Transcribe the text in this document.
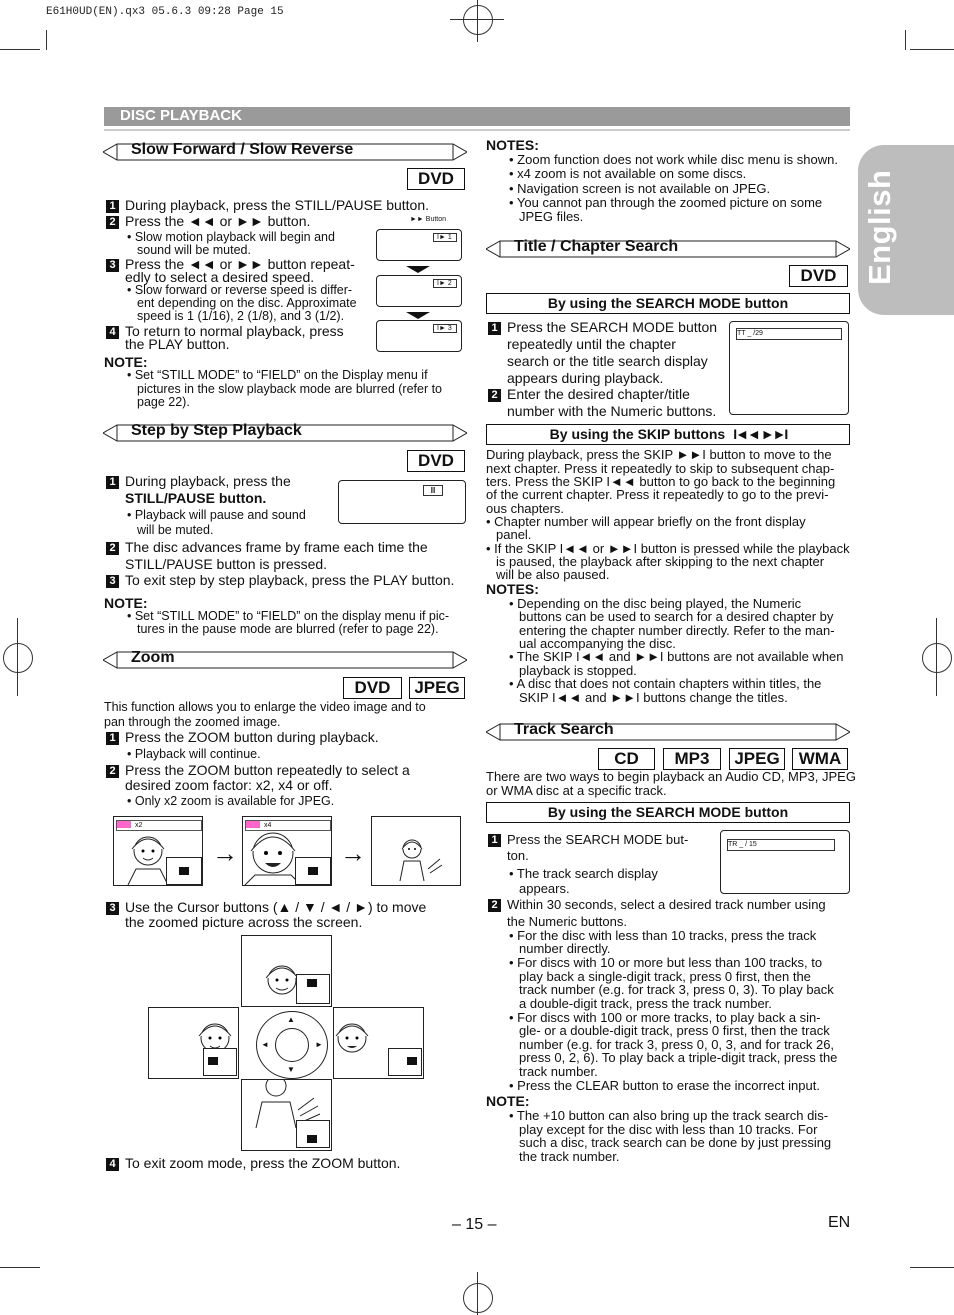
E61H0UD(EN).qx3 05.6.3 09:28 Page 15
English
DISC PLAYBACK
Slow Forward / Slow Reverse
DVD
1 During playback, press the STILL/PAUSE button.
2 Press the ◄◄ or ►► button.	►► Button
• Slow motion playback will begin and
sound will be muted.
3 Press the ◄◄ or ►► button repeat-
edly to select a desired speed.
• Slow forward or reverse speed is differ-
ent depending on the disc. Approximate
speed is 1 (1/16), 2 (1/8), and 3 (1/2).
4 To return to normal playback, press
the PLAY button.
NOTE:
• Set “STILL MODE” to “FIELD” on the Display menu if
pictures in the slow playback mode are blurred (refer to
page 22).
I► 1
I► 2
I► 3
Step by Step Playback
DVD
1 During playback, press the
STILL/PAUSE button.
• Playback will pause and sound
will be muted.
II
2 The disc advances frame by frame each time the
STILL/PAUSE button is pressed.
3 To exit step by step playback, press the PLAY button.
NOTE:
• Set “STILL MODE” to “FIELD” on the display menu if pic-
tures in the pause mode are blurred (refer to page 22).
Zoom
DVD	JPEG
This function allows you to enlarge the video image and to
pan through the zoomed image.
1 Press the ZOOM button during playback.
• Playback will continue.
2 Press the ZOOM button repeatedly to select a
desired zoom factor: x2, x4 or off.
• Only x2 zoom is available for JPEG.
x2
→
x4
→
3 Use the Cursor buttons (▲ / ▼ / ◄ / ►) to move
the zoomed picture across the screen.
▲
▼
◄	►
4 To exit zoom mode, press the ZOOM button.
NOTES:
• Zoom function does not work while disc menu is shown.
• x4 zoom is not available on some discs.
• Navigation screen is not available on JPEG.
• You cannot pan through the zoomed picture on some
JPEG files.
Title / Chapter Search
DVD
By using the SEARCH MODE button
1 Press the SEARCH MODE button
repeatedly until the chapter
search or the title search display
appears during playback.
2 Enter the desired chapter/title
number with the Numeric buttons.
TT _ /29
By using the SKIP buttons I◄◄ ►►I
During playback, press the SKIP ►►I button to move to the
next chapter. Press it repeatedly to skip to subsequent chap-
ters. Press the SKIP I◄◄ button to go back to the beginning
of the current chapter. Press it repeatedly to go to the previ-
ous chapters.
• Chapter number will appear briefly on the front display
panel.
• If the SKIP I◄◄ or ►►I button is pressed while the playback
is paused, the playback after skipping to the next chapter
will be also paused.
NOTES:
• Depending on the disc being played, the Numeric
buttons can be used to search for a desired chapter by
entering the chapter number directly. Refer to the man-
ual accompanying the disc.
• The SKIP I◄◄ and ►►I buttons are not available when
playback is stopped.
• A disc that does not contain chapters within titles, the
SKIP I◄◄ and ►►I buttons change the titles.
Track Search
CD	MP3	JPEG	WMA
There are two ways to begin playback an Audio CD, MP3, JPEG
or WMA disc at a specific track.
By using the SEARCH MODE button
1 Press the SEARCH MODE but-
ton.
• The track search display
appears.
TR _ / 15
2 Within 30 seconds, select a desired track number using
the Numeric buttons.
• For the disc with less than 10 tracks, press the track
number directly.
• For discs with 10 or more but less than 100 tracks, to
play back a single-digit track, press 0 first, then the
track number (e.g. for track 3, press 0, 3). To play back
a double-digit track, press the track number.
• For discs with 100 or more tracks, to play back a sin-
gle- or a double-digit track, press 0 first, then the track
number (e.g. for track 3, press 0, 0, 3, and for track 26,
press 0, 2, 6). To play back a triple-digit track, press the
track number.
• Press the CLEAR button to erase the incorrect input.
NOTE:
• The +10 button can also bring up the track search dis-
play except for the disc with less than 10 tracks. For
such a disc, track search can be done by just pressing
the track number.
– 15 –	EN
